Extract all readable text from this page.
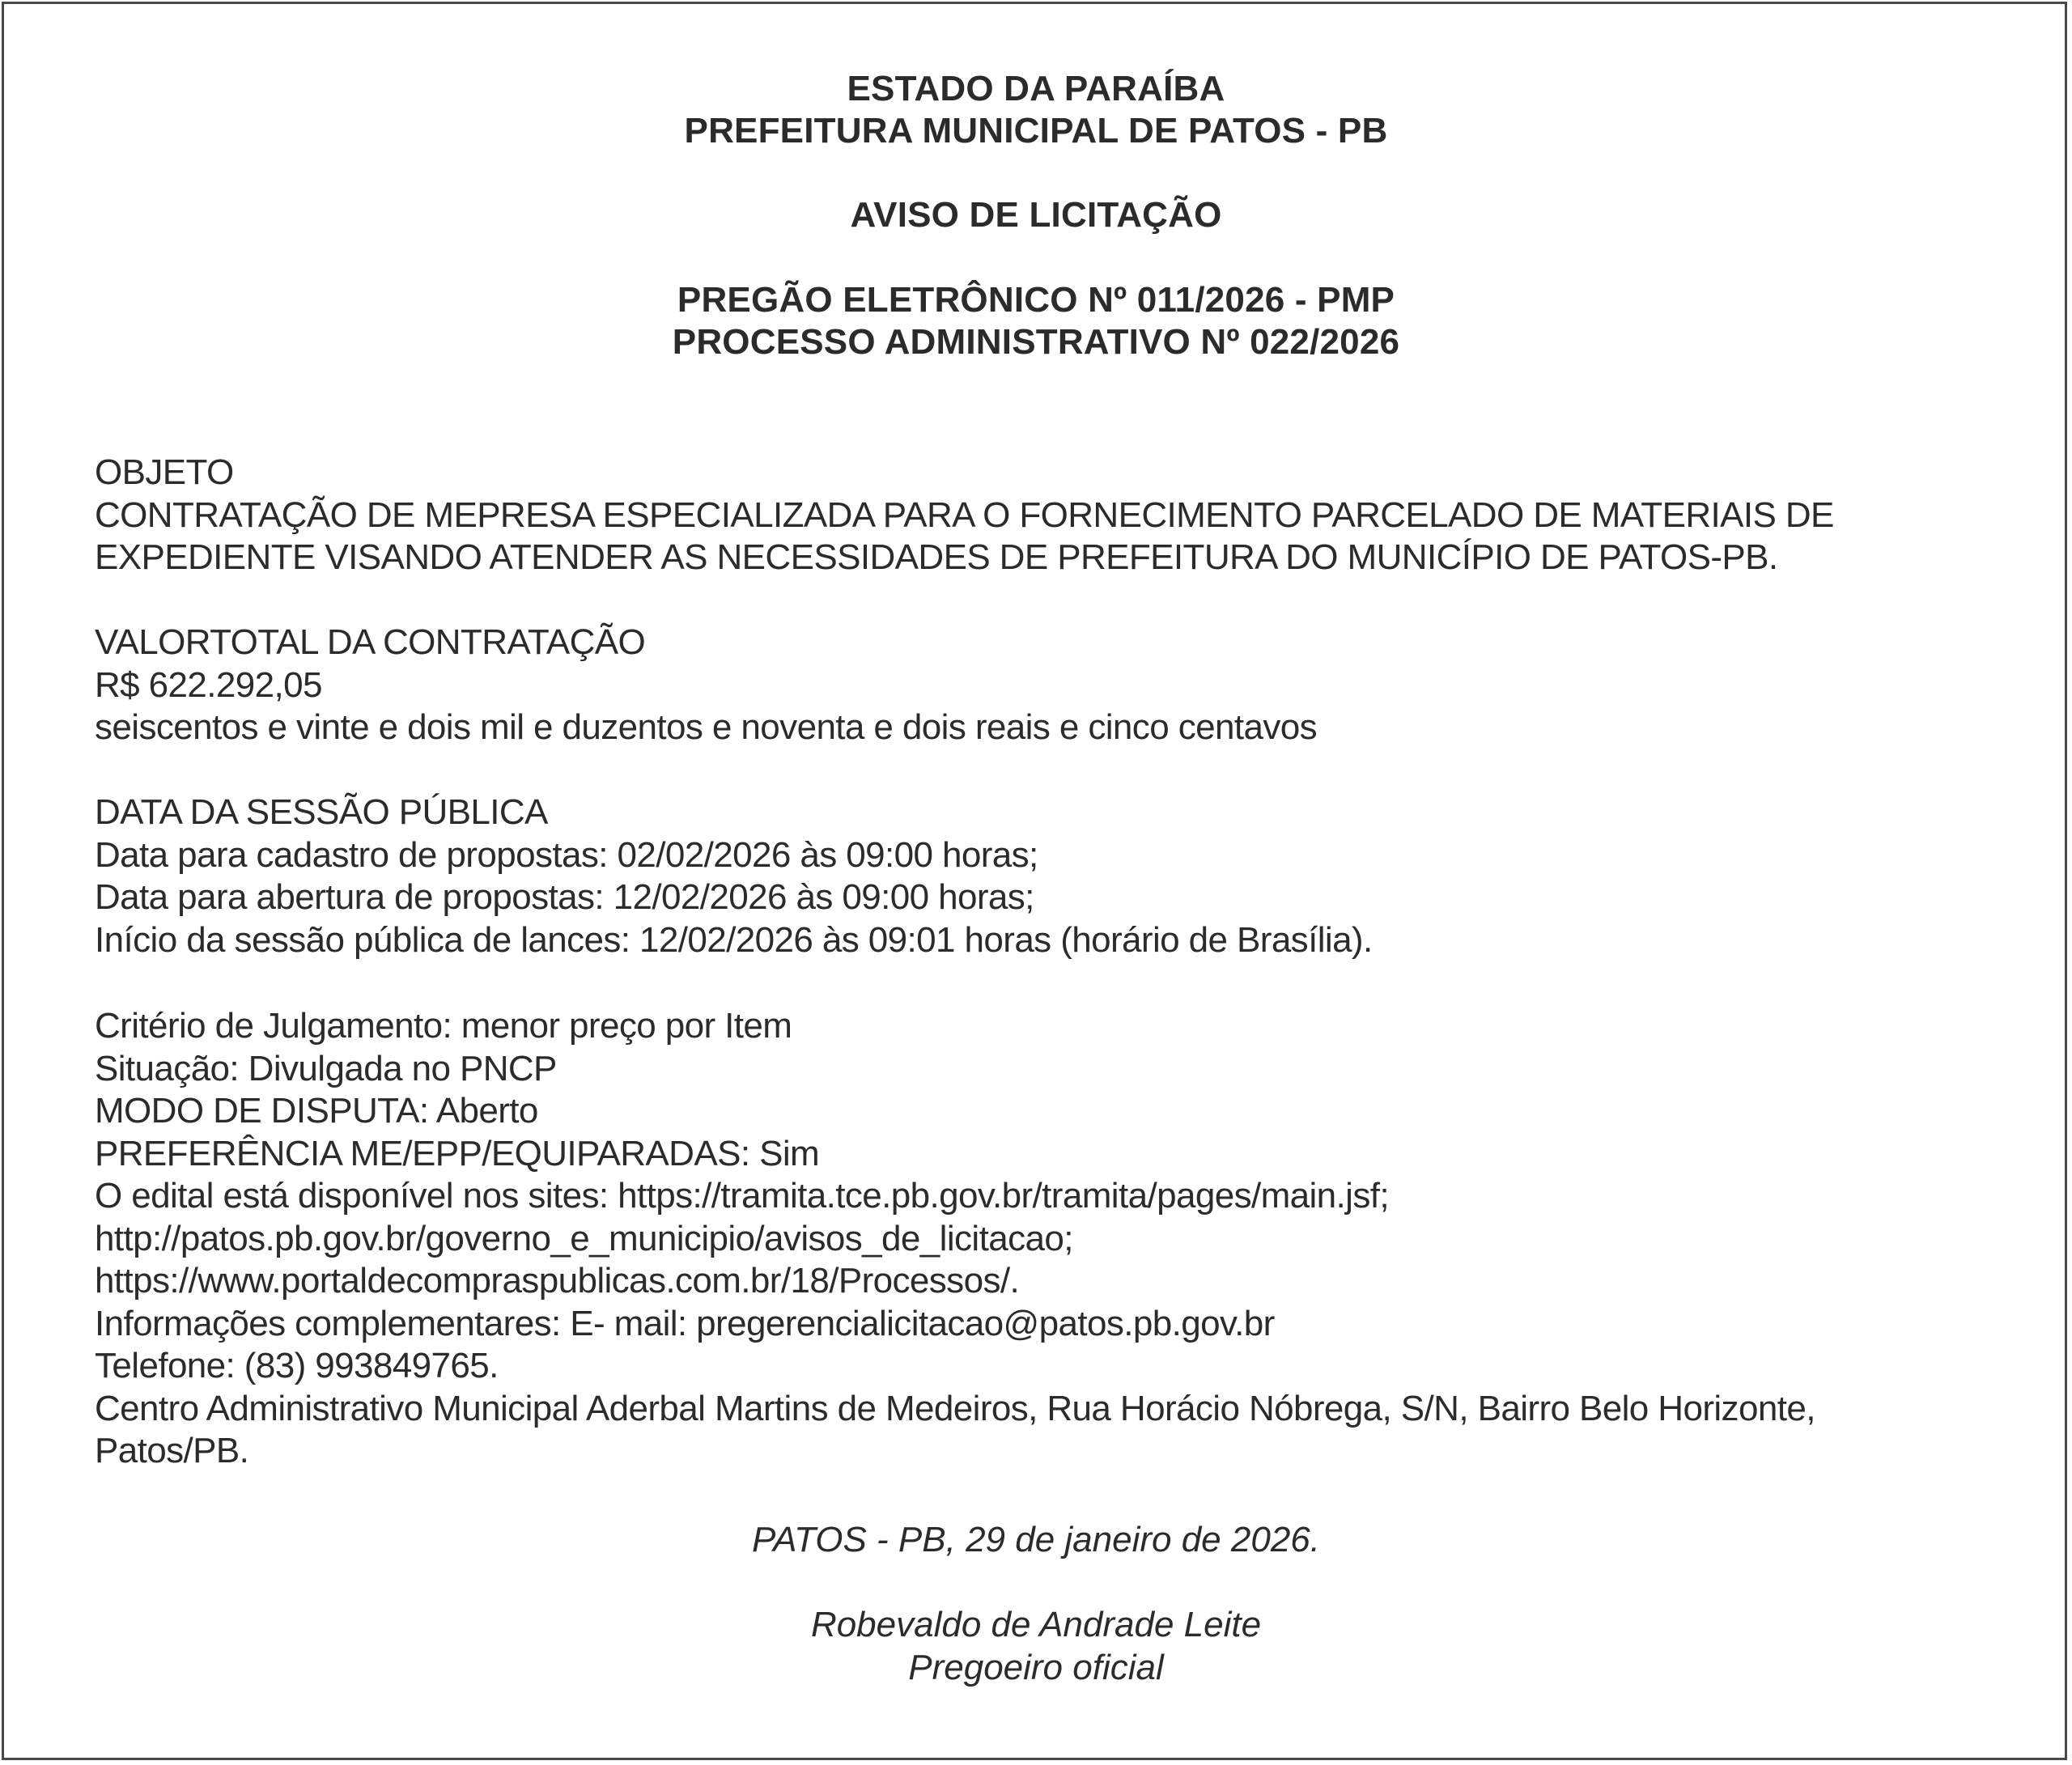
ESTADO DA PARAÍBA
PREFEITURA MUNICIPAL DE PATOS - PB
AVISO DE LICITAÇÃO
PREGÃO ELETRÔNICO Nº 011/2026 - PMP
PROCESSO ADMINISTRATIVO Nº 022/2026
OBJETO
CONTRATAÇÃO DE MEPRESA ESPECIALIZADA PARA O FORNECIMENTO PARCELADO DE MATERIAIS DE
EXPEDIENTE VISANDO ATENDER AS NECESSIDADES DE PREFEITURA DO MUNICÍPIO DE PATOS-PB.
VALORTOTAL DA CONTRATAÇÃO
R$ 622.292,05
seiscentos e vinte e dois mil e duzentos e noventa e dois reais e cinco centavos
DATA DA SESSÃO PÚBLICA
Data para cadastro de propostas: 02/02/2026 às 09:00 horas;
Data para abertura de propostas: 12/02/2026 às 09:00 horas;
Início da sessão pública de lances: 12/02/2026 às 09:01 horas (horário de Brasília).
Critério de Julgamento: menor preço por Item
Situação: Divulgada no PNCP
MODO DE DISPUTA: Aberto
PREFERÊNCIA ME/EPP/EQUIPARADAS: Sim
O edital está disponível nos sites: https://tramita.tce.pb.gov.br/tramita/pages/main.jsf;
http://patos.pb.gov.br/governo_e_municipio/avisos_de_licitacao;
https://www.portaldecompraspublicas.com.br/18/Processos/.
Informações complementares: E- mail: pregerencialicitacao@patos.pb.gov.br
Telefone: (83) 993849765.
Centro Administrativo Municipal Aderbal Martins de Medeiros, Rua Horácio Nóbrega, S/N, Bairro Belo Horizonte,
Patos/PB.
PATOS - PB, 29 de janeiro de 2026.
Robevaldo de Andrade Leite
Pregoeiro oficial
